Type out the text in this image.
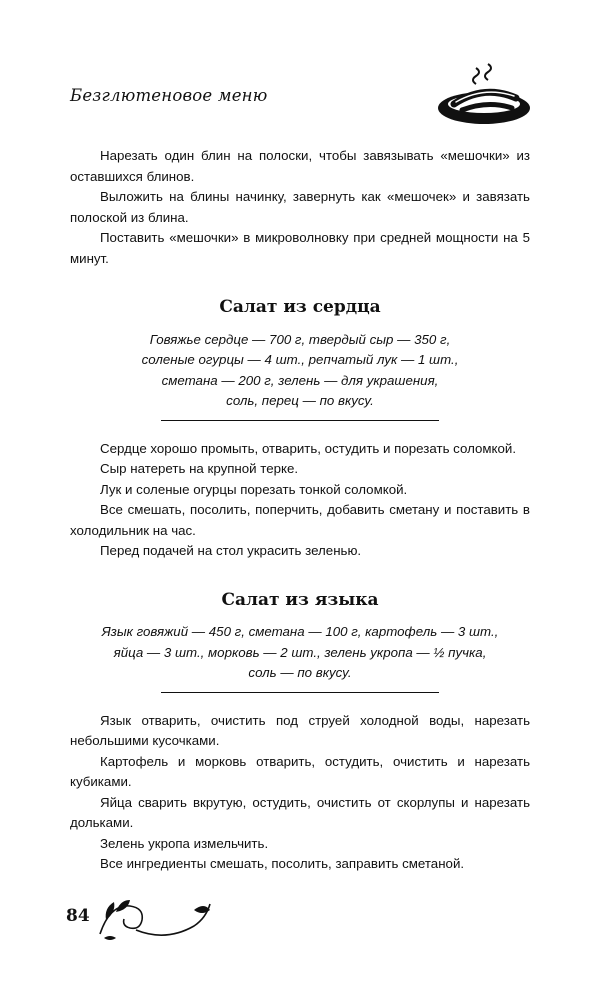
Безглютеновое меню

Нарезать один блин на полоски, чтобы завязывать «мешочки» из оставшихся блинов.

Выложить на блины начинку, завернуть как «мешочек» и завязать полоской из блина.

Поставить «мешочки» в микроволновку при средней мощности на 5 минут.

Салат из сердца
Говяжье сердце — 700 г, твердый сыр — 350 г,
соленые огурцы — 4 шт., репчатый лук — 1 шт.,
сметана — 200 г, зелень — для украшения,
соль, перец — по вкусу.

Сердце хорошо промыть, отварить, остудить и порезать соломкой.

Сыр натереть на крупной терке.

Лук и соленые огурцы порезать тонкой соломкой.

Все смешать, посолить, поперчить, добавить сметану и поставить в холодильник на час.

Перед подачей на стол украсить зеленью.

Салат из языка
Язык говяжий — 450 г, сметана — 100 г, картофель — 3 шт.,
яйца — 3 шт., морковь — 2 шт., зелень укропа — ½ пучка,
соль — по вкусу.

Язык отварить, очистить под струей холодной воды, нарезать небольшими кусочками.

Картофель и морковь отварить, остудить, очистить и нарезать кубиками.

Яйца сварить вкрутую, остудить, очистить от скорлупы и нарезать дольками.

Зелень укропа измельчить.

Все ингредиенты смешать, посолить, заправить сметаной.

84
